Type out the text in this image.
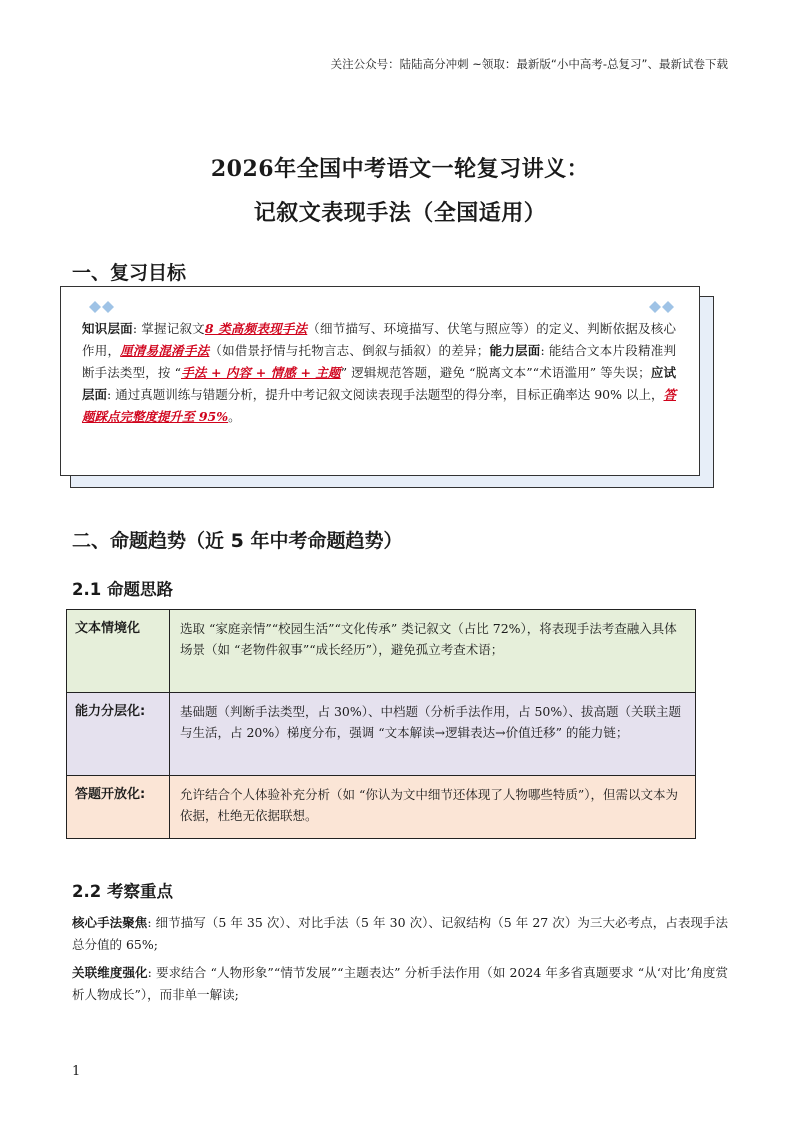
关注公众号：陆陆高分冲刺 ~领取：最新版“小中高考-总复习”、最新试卷下载
2026年全国中考语文一轮复习讲义：
记叙文表现手法（全国适用）
一、复习目标
知识层面: 掌握记叙文8 类高频表现手法（细节描写、环境描写、伏笔与照应等）的定义、判断依据及核心作用，厘清易混淆手法（如借景抒情与托物言志、倒叙与插叙）的差异；能力层面: 能结合文本片段精准判断手法类型，按 “手法 + 内容 + 情感 + 主题” 逻辑规范答题，避免 “脱离文本”“术语滥用” 等失误；应试层面: 通过真题训练与错题分析，提升中考记叙文阅读表现手法题型的得分率，目标正确率达 90% 以上，答题踩点完整度提升至 95%。
二、命题趋势（近 5 年中考命题趋势）
2.1 命题思路
文本情境化	选取 “家庭亲情”“校园生活”“文化传承” 类记叙文（占比 72%），将表现手法考查融入具体场景（如 “老物件叙事”“成长经历”），避免孤立考查术语；
能力分层化:	基础题（判断手法类型，占 30%）、中档题（分析手法作用，占 50%）、拔高题（关联主题与生活，占 20%）梯度分布，强调 “文本解读→逻辑表达→价值迁移” 的能力链；
答题开放化:	允许结合个人体验补充分析（如 “你认为文中细节还体现了人物哪些特质”），但需以文本为依据，杜绝无依据联想。
2.2 考察重点
核心手法聚焦: 细节描写（5 年 35 次）、对比手法（5 年 30 次）、记叙结构（5 年 27 次）为三大必考点，占表现手法总分值的 65%;
关联维度强化: 要求结合 “人物形象”“情节发展”“主题表达” 分析手法作用（如 2024 年多省真题要求 “从‘对比’角度赏析人物成长”），而非单一解读;
1
